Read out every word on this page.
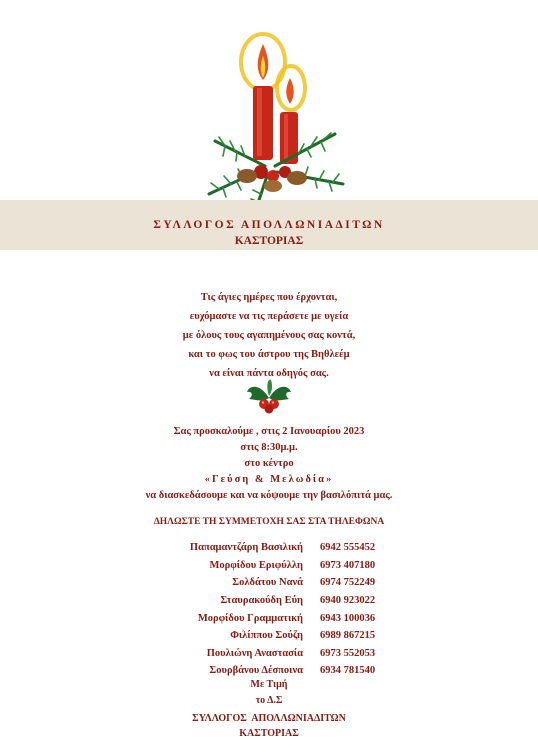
ΣΥΛΛΟΓΟΣ ΑΠΟΛΛΩΝΙΑΔΙΤΩΝ
ΚΑΣΤΟΡΙΑΣ
Τις άγιες ημέρες που έρχονται,
ευχόμαστε να τις περάσετε με υγεία
με όλους τους αγαπημένους σας κοντά,
και το φως του άστρου της Βηθλεέμ
να είναι πάντα οδηγός σας.
Σας προσκαλούμε , στις 2 Ιανουαρίου 2023
στις 8:30μ.μ.
στο κέντρο
«Γεύση & Μελωδία»
να διασκεδάσουμε και να κόψουμε την βασιλόπιτά μας.
ΔΗΛΩΣΤΕ ΤΗ ΣΥΜΜΕΤΟΧΗ ΣΑΣ ΣΤΑ ΤΗΛΕΦΩΝΑ
Παπαμαντζάρη Βασιλική 6942 555452
Μορφίδου Εριφύλλη 6973 407180
Σολδάτου Νανά 6974 752249
Σταυρακούδη Εύη 6940 923022
Μορφίδου Γραμματική 6943 100036
Φιλίππου Σούζη 6989 867215
Πουλιώνη Αναστασία 6973 552053
Σουρβάνου Δέσποινα 6934 781540
Με Τιμή
το Δ.Σ
ΣΥΛΛΟΓΟΣ  ΑΠΟΛΛΩΝΙΑΔΙΤΩΝ
ΚΑΣΤΟΡΙΑΣ
